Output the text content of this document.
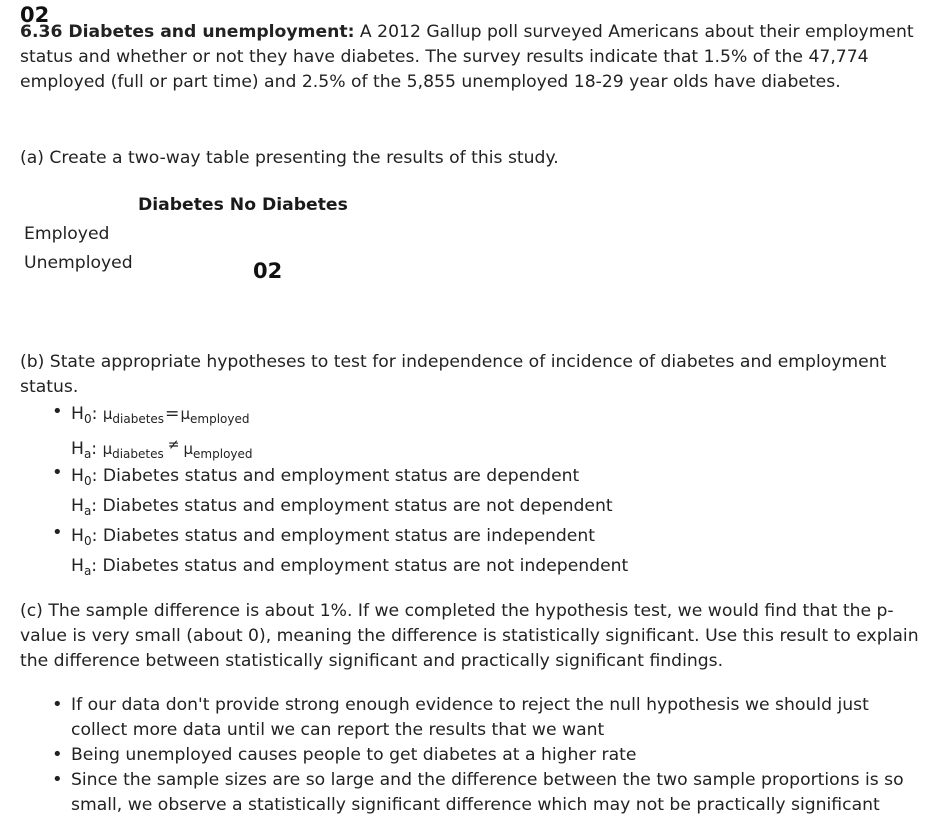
02
6.36 Diabetes and unemployment: A 2012 Gallup poll surveyed Americans about their employment status and whether or not they have diabetes. The survey results indicate that 1.5% of the 47,774 employed (full or part time) and 2.5% of the 5,855 unemployed 18-29 year olds have diabetes.
(a) Create a two-way table presenting the results of this study.
Diabetes No Diabetes
Employed
Unemployed	02
(b) State appropriate hypotheses to test for independence of incidence of diabetes and employment status.
• $H_0$: $\mu_{diabetes}=\mu_{employed}$
$H_a$: $\mu_{diabetes}^\ne$ $\mu_{employed}$
• $H_0$: Diabetes status and employment status are dependent
$H_a$: Diabetes status and employment status are not dependent
• $H_0$: Diabetes status and employment status are independent
$H_a$: Diabetes status and employment status are not independent
(c) The sample difference is about 1%. If we completed the hypothesis test, we would find that the p-value is very small (about 0), meaning the difference is statistically significant. Use this result to explain the difference between statistically significant and practically significant findings.
• If our data don't provide strong enough evidence to reject the null hypothesis we should just collect more data until we can report the results that we want
• Being unemployed causes people to get diabetes at a higher rate
• Since the sample sizes are so large and the difference between the two sample proportions is so small, we observe a statistically significant difference which may not be practically significant
